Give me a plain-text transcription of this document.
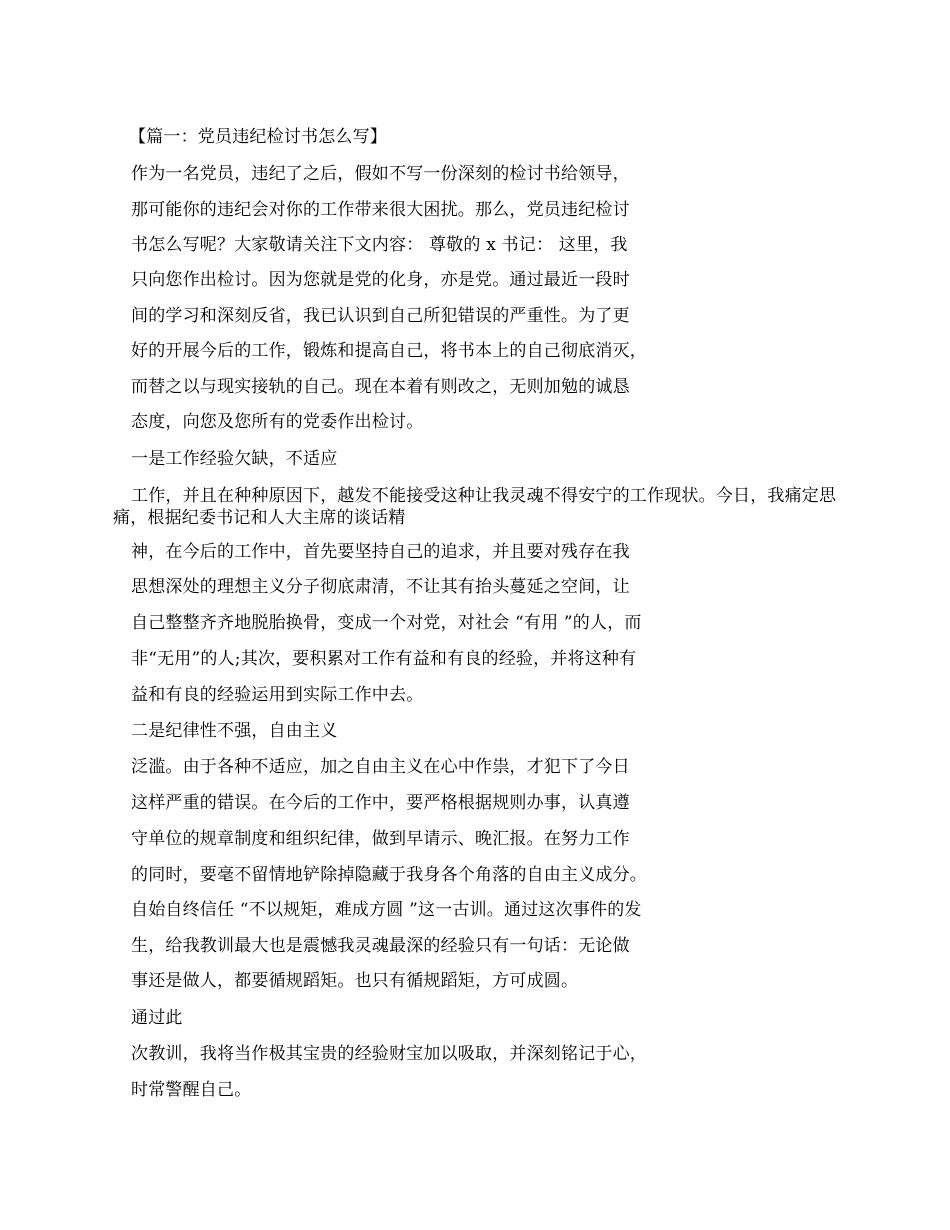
【篇一：党员违纪检讨书怎么写】
作为一名党员，违纪了之后，假如不写一份深刻的检讨书给领导，
那可能你的违纪会对你的工作带来很大困扰。那么，党员违纪检讨
书怎么写呢？大家敬请关注下文内容： 尊敬的 x 书记： 这里，我
只向您作出检讨。因为您就是党的化身，亦是党。通过最近一段时
间的学习和深刻反省，我已认识到自己所犯错误的严重性。为了更
好的开展今后的工作，锻炼和提高自己，将书本上的自己彻底消灭，
而替之以与现实接轨的自己。现在本着有则改之，无则加勉的诚恳
态度，向您及您所有的党委作出检讨。
一是工作经验欠缺，不适应
工作，并且在种种原因下，越发不能接受这种让我灵魂不得安宁的工作现状。今日，我痛定思痛，根据纪委书记和人大主席的谈话精
神，在今后的工作中，首先要坚持自己的追求，并且要对残存在我
思想深处的理想主义分子彻底肃清，不让其有抬头蔓延之空间，让
自己整整齐齐地脱胎换骨，变成一个对党，对社会 “有用 ”的人，而
非“无用”的人;其次，要积累对工作有益和有良的经验，并将这种有
益和有良的经验运用到实际工作中去。
二是纪律性不强，自由主义
泛滥。由于各种不适应，加之自由主义在心中作祟，才犯下了今日
这样严重的错误。在今后的工作中，要严格根据规则办事，认真遵
守单位的规章制度和组织纪律，做到早请示、晚汇报。在努力工作
的同时，要毫不留情地铲除掉隐藏于我身各个角落的自由主义成分。
自始自终信任 “不以规矩，难成方圆 ”这一古训。通过这次事件的发
生，给我教训最大也是震憾我灵魂最深的经验只有一句话：无论做
事还是做人，都要循规蹈矩。也只有循规蹈矩，方可成圆。
通过此
次教训，我将当作极其宝贵的经验财宝加以吸取，并深刻铭记于心，
时常警醒自己。
